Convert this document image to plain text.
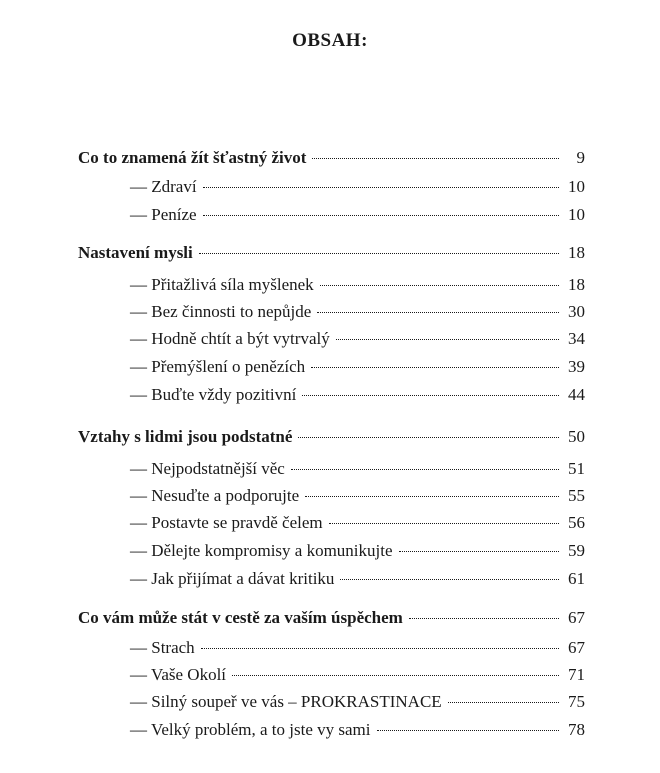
OBSAH:
Co to znamená žít šťastný život	9
— Zdraví	10
— Peníze	10
Nastavení mysli	18
— Přitažlivá síla myšlenek	18
— Bez činnosti to nepůjde	30
— Hodně chtít a být vytrvalý	34
— Přemýšlení o penězích	39
— Buďte vždy pozitivní	44
Vztahy s lidmi jsou podstatné	50
— Nejpodstatnější věc	51
— Nesuďte a podporujte	55
— Postavte se pravdě čelem	56
— Dělejte kompromisy a komunikujte	59
— Jak přijímat a dávat kritiku	61
Co vám může stát v cestě za vaším úspěchem	67
— Strach	67
— Vaše Okolí	71
— Silný soupeř ve vás – PROKRASTINACE	75
— Velký problém, a to jste vy sami	78
